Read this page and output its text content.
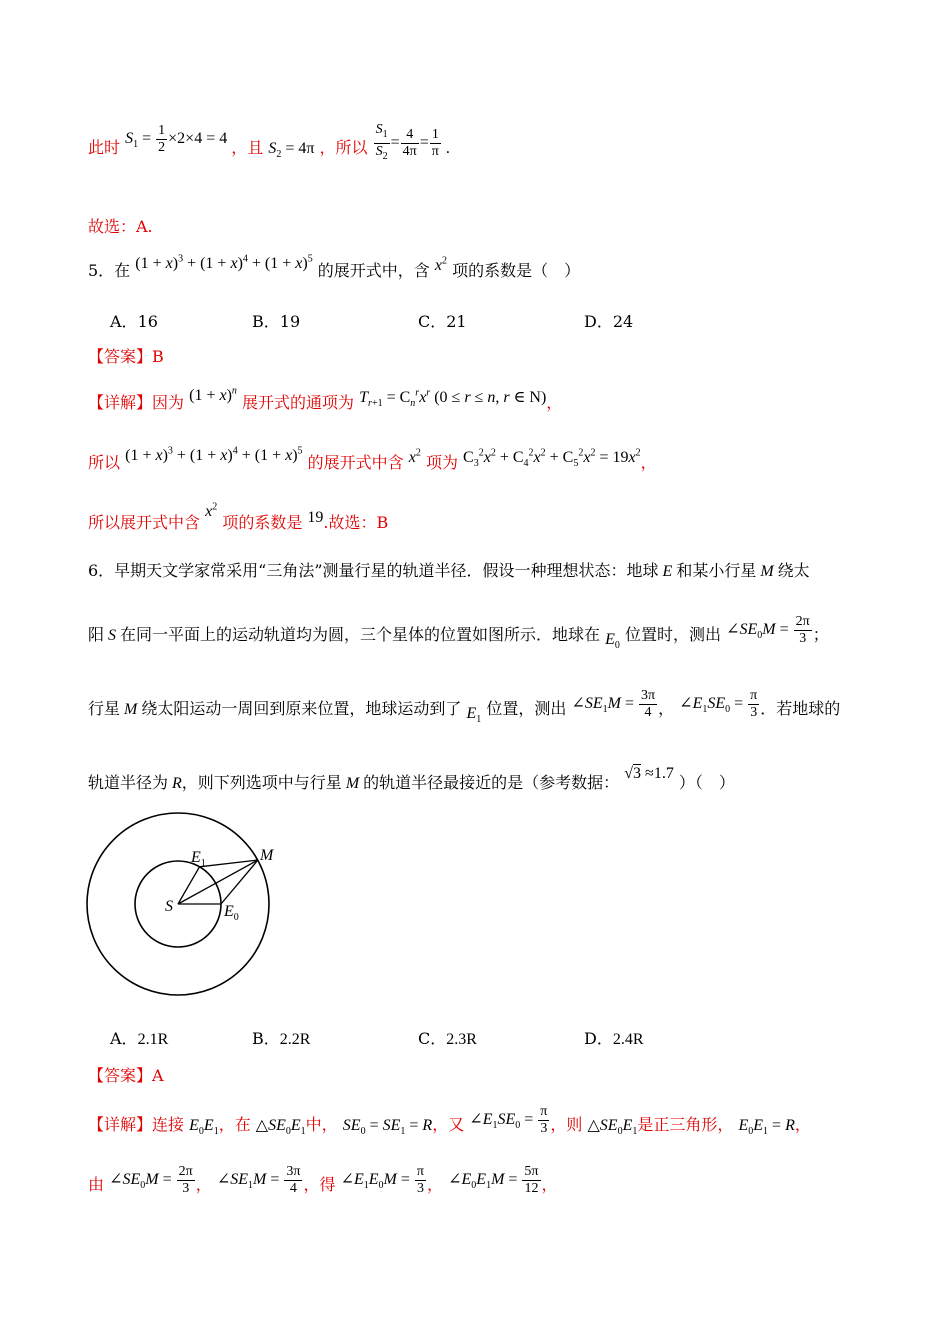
此时 $S_1 = \frac{1}{2} \times 2\times 4 = 4$ ，且 $S_2 = 4\pi$ ，所以 $\frac{S_1}{S_2} = \frac{4}{4\pi} = \frac{1}{\pi}$ .
故选：A.
5．在 $(1 + x)^3 + (1 + x)^4 + (1 + x)^5$ 的展开式中，含 $x^2$ 项的系数是（　）
A．16	B．19	C．21	D．24
【答案】B
【详解】因为 $(1 + x)^n$ 展开式的通项为 $T_{r+1} = C_n^rx^r$ (0 ≤ r ≤ n, r ∈ N)，
所以 $(1 + x)^3 + (1 + x)^4 + (1 + x)^5$ 的展开式中含 $x^2$ 项为 $C_3^2x^2 + C_4^2x^2 + C_5^2x^2 = 19x^2$，
所以展开式中含 $x^2$ 项的系数是 19.故选：B
6．早期天文学家常采用“三角法”测量行星的轨道半径．假设一种理想状态：地球 E 和某小行星 M 绕太
阳 S 在同一平面上的运动轨道均为圆，三个星体的位置如图所示．地球在 $E_0$ 位置时，测出 $\angle SE_0M = \frac{2\pi}{3}$ ；
行星 M 绕太阳运动一周回到原来位置，地球运动到了 $E_1$ 位置，测出 $\angle SE_1M = \frac{3\pi}{4}$ ， $\angle E_1SE_0 = \frac{\pi}{3}$ ．若地球的
轨道半径为 R，则下列选项中与行星 M 的轨道半径最接近的是（参考数据： √3 ≈1.7 ）（　）
S	$E_0$
$E_1$	M
A．2.1R	B．2.2R	C．2.3R	D．2.4R
【答案】A
【详解】连接 $E_0E_1$，在 $\triangle SE_0E_1$中， $SE_0 = SE_1 = R$，又 $\angle E_1SE_0 = \frac{\pi}{3}$ ，则 $\triangle SE_0E_1$是正三角形， $E_0E_1 = R$，
由 $\angle SE_0M = \frac{2\pi}{3}$ ， $\angle SE_1M = \frac{3\pi}{4}$ ，得 $\angle E_1E_0M = \frac{\pi}{3}$ ， $\angle E_0E_1M = \frac{5\pi}{12}$ ，
